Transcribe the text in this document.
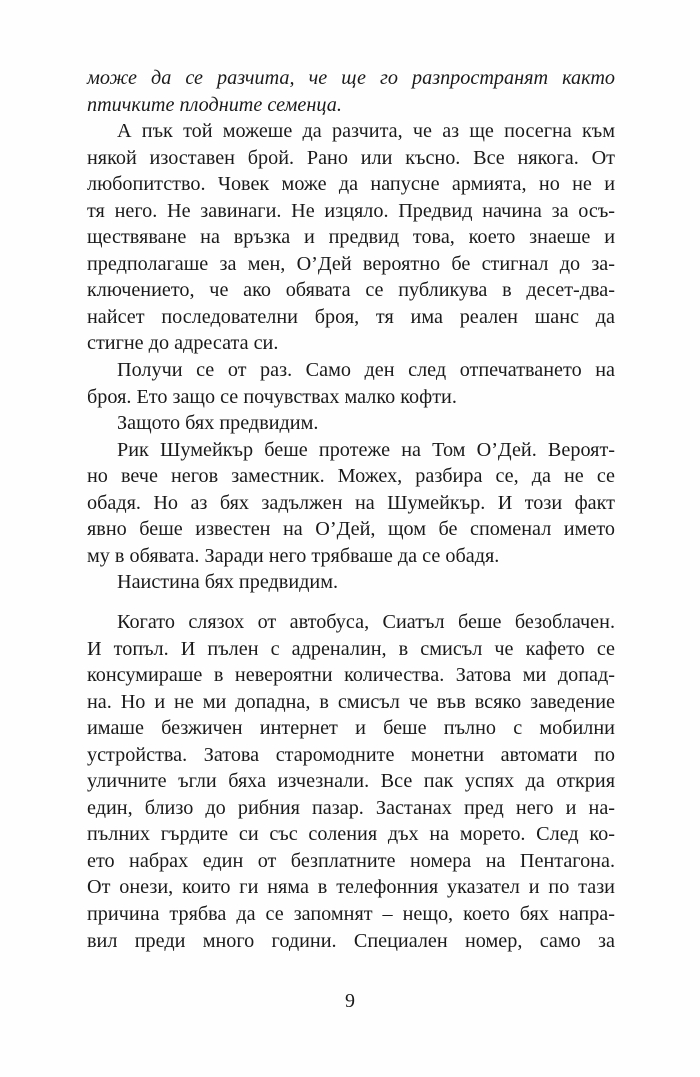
може да се разчита, че ще го разпространят както

птичките плодните семенца.

А пък той можеше да разчита, че аз ще посегна към

някой изоставен брой. Рано или късно. Все някога. От

любопитство. Човек може да напусне армията, но не и

тя него. Не завинаги. Не изцяло. Предвид начина за осъ-

ществяване на връзка и предвид това, което знаеше и

предполагаше за мен, О’Дей вероятно бе стигнал до за-

ключението, че ако обявата се публикува в десет-два-

найсет последователни броя, тя има реален шанс да

стигне до адресата си.

Получи се от раз. Само ден след отпечатването на

броя. Ето защо се почувствах малко кофти.

Защото бях предвидим.

Рик Шумейкър беше протеже на Том О’Дей. Вероят-

но вече негов заместник. Можех, разбира се, да не се

обадя. Но аз бях задължен на Шумейкър. И този факт

явно беше известен на О’Дей, щом бе споменал името

му в обявата. Заради него трябваше да се обадя.

Наистина бях предвидим.

Когато слязох от автобуса, Сиатъл беше безоблачен.

И топъл. И пълен с адреналин, в смисъл че кафето се

консумираше в невероятни количества. Затова ми допад-

на. Но и не ми допадна, в смисъл че във всяко заведение

имаше безжичен интернет и беше пълно с мобилни

устройства. Затова старомодните монетни автомати по

уличните ъгли бяха изчезнали. Все пак успях да открия

един, близо до рибния пазар. Застанах пред него и на-

пълних гърдите си със соления дъх на морето. След ко-

ето набрах един от безплатните номера на Пентагона.

От онези, които ги няма в телефонния указател и по тази

причина трябва да се запомнят – нещо, което бях напра-

вил преди много години. Специален номер, само за

9
